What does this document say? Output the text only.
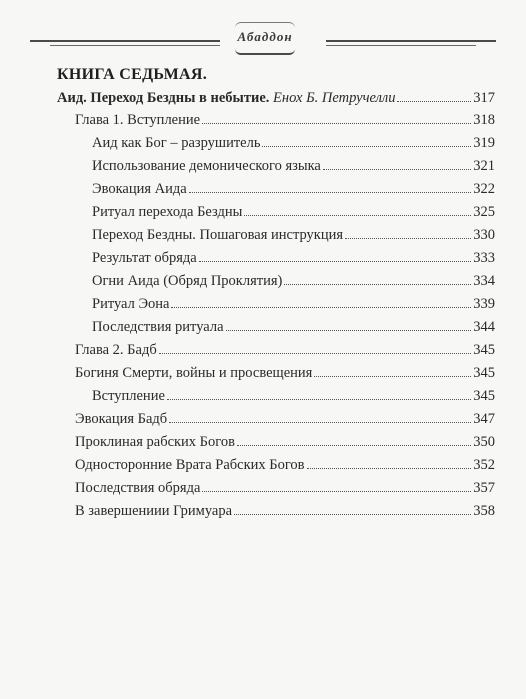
Абаддон
КНИГА СЕДЬМАЯ.
Аид. Переход Бездны в небытие. Енох Б. Петручелли	317
Глава 1. Вступление	318
Аид как Бог – разрушитель	319
Использование демонического языка	321
Эвокация Аида	322
Ритуал перехода Бездны	325
Переход Бездны. Пошаговая инструкция	330
Результат обряда	333
Огни Аида (Обряд Проклятия)	334
Ритуал Эона	339
Последствия ритуала	344
Глава 2. Бадб	345
Богиня Смерти, войны и просвещения	345
Вступление	345
Эвокация Бадб	347
Проклиная рабских Богов	350
Односторонние Врата Рабских Богов	352
Последствия обряда	357
В завершениии Гримуара	358
